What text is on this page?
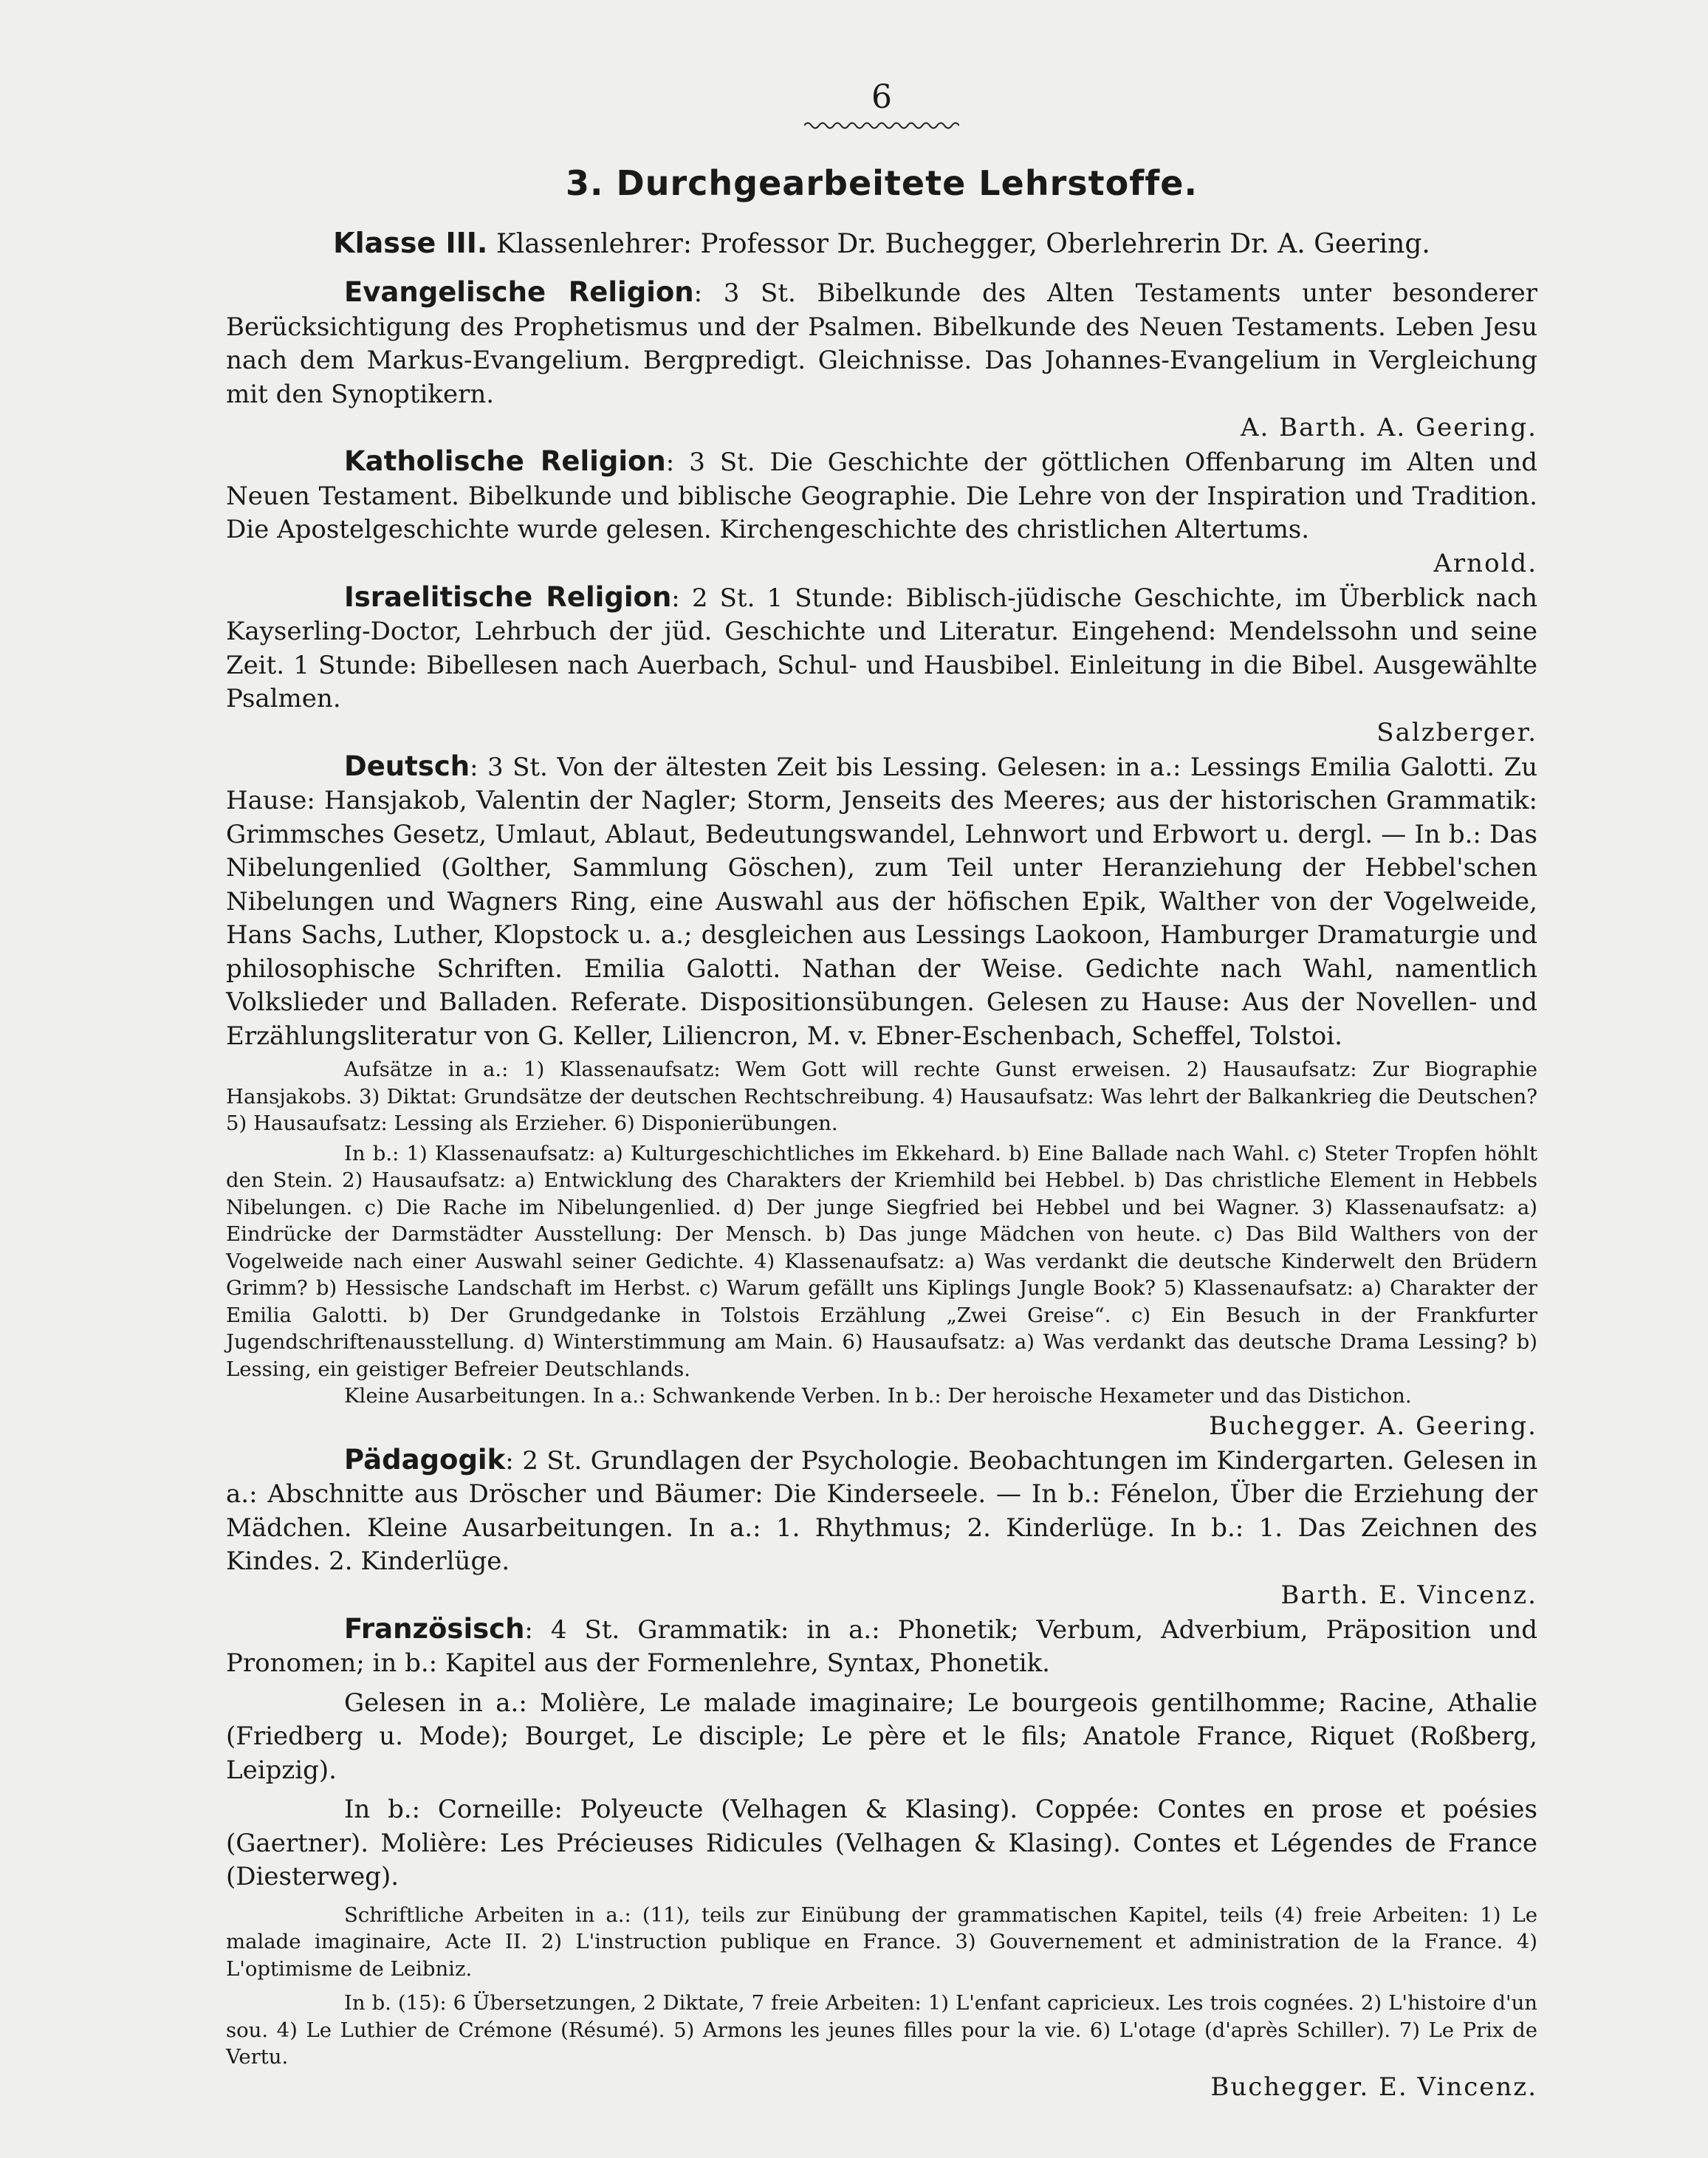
6
3. Durchgearbeitete Lehrstoffe.
Klasse III. Klassenlehrer: Professor Dr. Buchegger, Oberlehrerin Dr. A. Geering.

Evangelische Religion: 3 St. Bibelkunde des Alten Testaments unter besonderer Berücksichtigung des Prophetismus und der Psalmen. Bibelkunde des Neuen Testaments. Leben Jesu nach dem Markus-Evangelium. Bergpredigt. Gleichnisse. Das Johannes-Evangelium in Vergleichung mit den Synoptikern.

A. Barth. A. Geering.

Katholische Religion: 3 St. Die Geschichte der göttlichen Offenbarung im Alten und Neuen Testament. Bibelkunde und biblische Geographie. Die Lehre von der Inspiration und Tradition. Die Apostelgeschichte wurde gelesen. Kirchengeschichte des christlichen Altertums.

Arnold.

Israelitische Religion: 2 St. 1 Stunde: Biblisch-jüdische Geschichte, im Überblick nach Kayserling-Doctor, Lehrbuch der jüd. Geschichte und Literatur. Eingehend: Mendelssohn und seine Zeit. 1 Stunde: Bibellesen nach Auerbach, Schul- und Hausbibel. Einleitung in die Bibel. Ausgewählte Psalmen.

Salzberger.

Deutsch: 3 St. Von der ältesten Zeit bis Lessing. Gelesen: in a.: Lessings Emilia Galotti. Zu Hause: Hansjakob, Valentin der Nagler; Storm, Jenseits des Meeres; aus der historischen Grammatik: Grimmsches Gesetz, Umlaut, Ablaut, Bedeutungswandel, Lehnwort und Erbwort u. dergl. — In b.: Das Nibelungenlied (Golther, Sammlung Göschen), zum Teil unter Heranziehung der Hebbel'schen Nibelungen und Wagners Ring, eine Auswahl aus der höfischen Epik, Walther von der Vogelweide, Hans Sachs, Luther, Klopstock u. a.; desgleichen aus Lessings Laokoon, Hamburger Dramaturgie und philosophische Schriften. Emilia Galotti. Nathan der Weise. Gedichte nach Wahl, namentlich Volkslieder und Balladen. Referate. Dispositionsübungen. Gelesen zu Hause: Aus der Novellen- und Erzählungsliteratur von G. Keller, Liliencron, M. v. Ebner-Eschenbach, Scheffel, Tolstoi.

Aufsätze in a.: 1) Klassenaufsatz: Wem Gott will rechte Gunst erweisen. 2) Hausaufsatz: Zur Biographie Hansjakobs. 3) Diktat: Grundsätze der deutschen Rechtschreibung. 4) Hausaufsatz: Was lehrt der Balkankrieg die Deutschen? 5) Hausaufsatz: Lessing als Erzieher. 6) Disponierübungen.

In b.: 1) Klassenaufsatz: a) Kulturgeschichtliches im Ekkehard. b) Eine Ballade nach Wahl. c) Steter Tropfen höhlt den Stein. 2) Hausaufsatz: a) Entwicklung des Charakters der Kriemhild bei Hebbel. b) Das christliche Element in Hebbels Nibelungen. c) Die Rache im Nibelungenlied. d) Der junge Siegfried bei Hebbel und bei Wagner. 3) Klassenaufsatz: a) Eindrücke der Darmstädter Ausstellung: Der Mensch. b) Das junge Mädchen von heute. c) Das Bild Walthers von der Vogelweide nach einer Auswahl seiner Gedichte. 4) Klassenaufsatz: a) Was verdankt die deutsche Kinderwelt den Brüdern Grimm? b) Hessische Landschaft im Herbst. c) Warum gefällt uns Kiplings Jungle Book? 5) Klassenaufsatz: a) Charakter der Emilia Galotti. b) Der Grundgedanke in Tolstois Erzählung „Zwei Greise“. c) Ein Besuch in der Frankfurter Jugendschriftenausstellung. d) Winterstimmung am Main. 6) Hausaufsatz: a) Was verdankt das deutsche Drama Lessing? b) Lessing, ein geistiger Befreier Deutschlands.

Kleine Ausarbeitungen. In a.: Schwankende Verben. In b.: Der heroische Hexameter und das Distichon.

Buchegger. A. Geering.

Pädagogik: 2 St. Grundlagen der Psychologie. Beobachtungen im Kindergarten. Gelesen in a.: Abschnitte aus Dröscher und Bäumer: Die Kinderseele. — In b.: Fénelon, Über die Erziehung der Mädchen. Kleine Ausarbeitungen. In a.: 1. Rhythmus; 2. Kinderlüge. In b.: 1. Das Zeichnen des Kindes. 2. Kinderlüge.

Barth. E. Vincenz.

Französisch: 4 St. Grammatik: in a.: Phonetik; Verbum, Adverbium, Präposition und Pronomen; in b.: Kapitel aus der Formenlehre, Syntax, Phonetik.

Gelesen in a.: Molière, Le malade imaginaire; Le bourgeois gentilhomme; Racine, Athalie (Friedberg u. Mode); Bourget, Le disciple; Le père et le fils; Anatole France, Riquet (Roßberg, Leipzig).

In b.: Corneille: Polyeucte (Velhagen & Klasing). Coppée: Contes en prose et poésies (Gaertner). Molière: Les Précieuses Ridicules (Velhagen & Klasing). Contes et Légendes de France (Diesterweg).

Schriftliche Arbeiten in a.: (11), teils zur Einübung der grammatischen Kapitel, teils (4) freie Arbeiten: 1) Le malade imaginaire, Acte II. 2) L'instruction publique en France. 3) Gouvernement et administration de la France. 4) L'optimisme de Leibniz.

In b. (15): 6 Übersetzungen, 2 Diktate, 7 freie Arbeiten: 1) L'enfant capricieux. Les trois cognées. 2) L'histoire d'un sou. 4) Le Luthier de Crémone (Résumé). 5) Armons les jeunes filles pour la vie. 6) L'otage (d'après Schiller). 7) Le Prix de Vertu.

Buchegger. E. Vincenz.
